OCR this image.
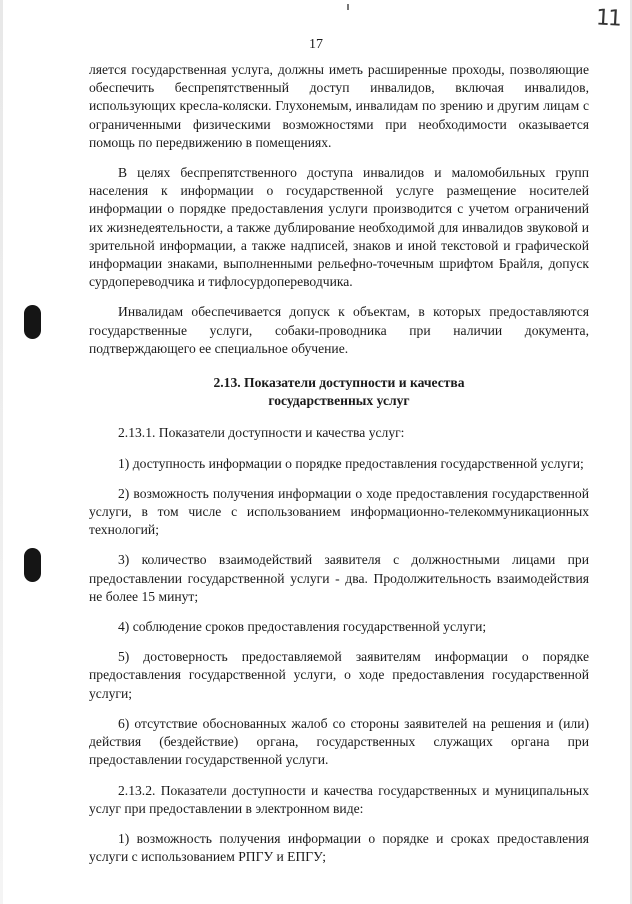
11
17

ляется государственная услуга, должны иметь расширенные проходы, позволяющие обеспечить беспрепятственный доступ инвалидов, включая инвалидов, использующих кресла-коляски. Глухонемым, инвалидам по зрению и другим лицам с ограниченными физическими возможностями при необходимости оказывается помощь по передвижению в помещениях.

В целях беспрепятственного доступа инвалидов и маломобильных групп населения к информации о государственной услуге размещение носителей информации о порядке предоставления услуги производится с учетом ограничений их жизнедеятельности, а также дублирование необходимой для инвалидов звуковой и зрительной информации, а также надписей, знаков и иной текстовой и графической информации знаками, выполненными рельефно-точечным шрифтом Брайля, допуск сурдопереводчика и тифлосурдопереводчика.

Инвалидам обеспечивается допуск к объектам, в которых предоставляются государственные услуги, собаки-проводника при наличии документа, подтверждающего ее специальное обучение.

2.13. Показатели доступности и качества

государственных услуг

2.13.1. Показатели доступности и качества услуг:

1) доступность информации о порядке предоставления государственной услуги;

2) возможность получения информации о ходе предоставления государственной услуги, в том числе с использованием информационно-телекоммуникационных технологий;

3) количество взаимодействий заявителя с должностными лицами при предоставлении государственной услуги - два. Продолжительность взаимодействия не более 15 минут;

4) соблюдение сроков предоставления государственной услуги;

5) достоверность предоставляемой заявителям информации о порядке предоставления государственной услуги, о ходе предоставления государственной услуги;

6) отсутствие обоснованных жалоб со стороны заявителей на решения и (или) действия (бездействие) органа, государственных служащих органа при предоставлении государственной услуги.

2.13.2. Показатели доступности и качества государственных и муниципальных услуг при предоставлении в электронном виде:

1) возможность получения информации о порядке и сроках предоставления услуги с использованием РПГУ и ЕПГУ;
